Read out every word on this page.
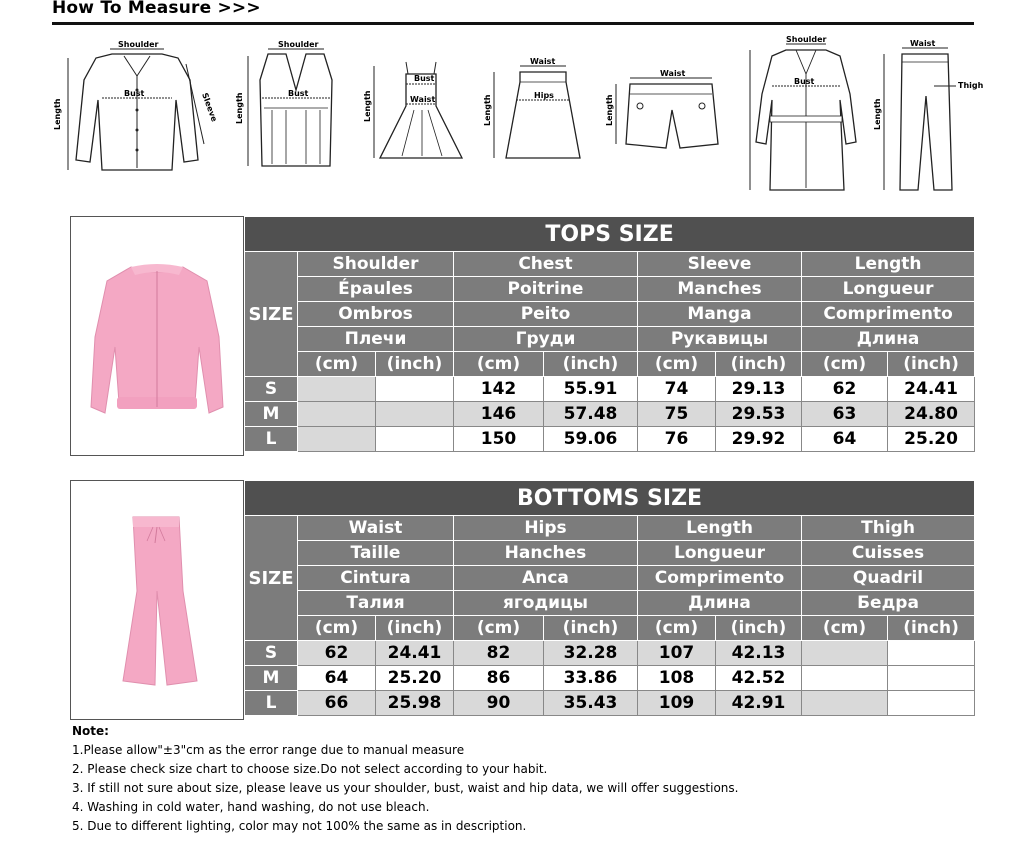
How To Measure >>>
Shoulder
Bust
Length	Sleeve
Shoulder
Bust
Length
Bust
Waist
Length
Waist
Hips
Length
Waist
Length
Shoulder
Bust
Waist
Thigh
Length
TOPS SIZE								
SIZE	Shoulder		Chest		Sleeve		Length	
	Épaules		Poitrine		Manches		Longueur	
	Ombros		Peito		Manga		Comprimento	
	Плечи		Груди		Рукавицы		Длина	
	(cm)	(inch)	(cm)	(inch)	(cm)	(inch)	(cm)	(inch)
S			142	55.91	74	29.13	62	24.41
M			146	57.48	75	29.53	63	24.80
L			150	59.06	76	29.92	64	25.20
BOTTOMS SIZE								
SIZE	Waist		Hips		Length		Thigh	
	Taille		Hanches		Longueur		Cuisses	
	Cintura		Anca		Comprimento		Quadril	
	Талия		ягодицы		Длина		Бедра	
	(cm)	(inch)	(cm)	(inch)	(cm)	(inch)	(cm)	(inch)
S	62	24.41	82	32.28	107	42.13		
M	64	25.20	86	33.86	108	42.52		
L	66	25.98	90	35.43	109	42.91		
Note:
1.Please allow"±3"cm as the error range due to manual measure
2. Please check size chart to choose size.Do not select according to your habit.
3. If still not sure about size, please leave us your shoulder, bust, waist and hip data, we will offer suggestions.
4. Washing in cold water, hand washing, do not use bleach.
5. Due to different lighting, color may not 100% the same as in description.
